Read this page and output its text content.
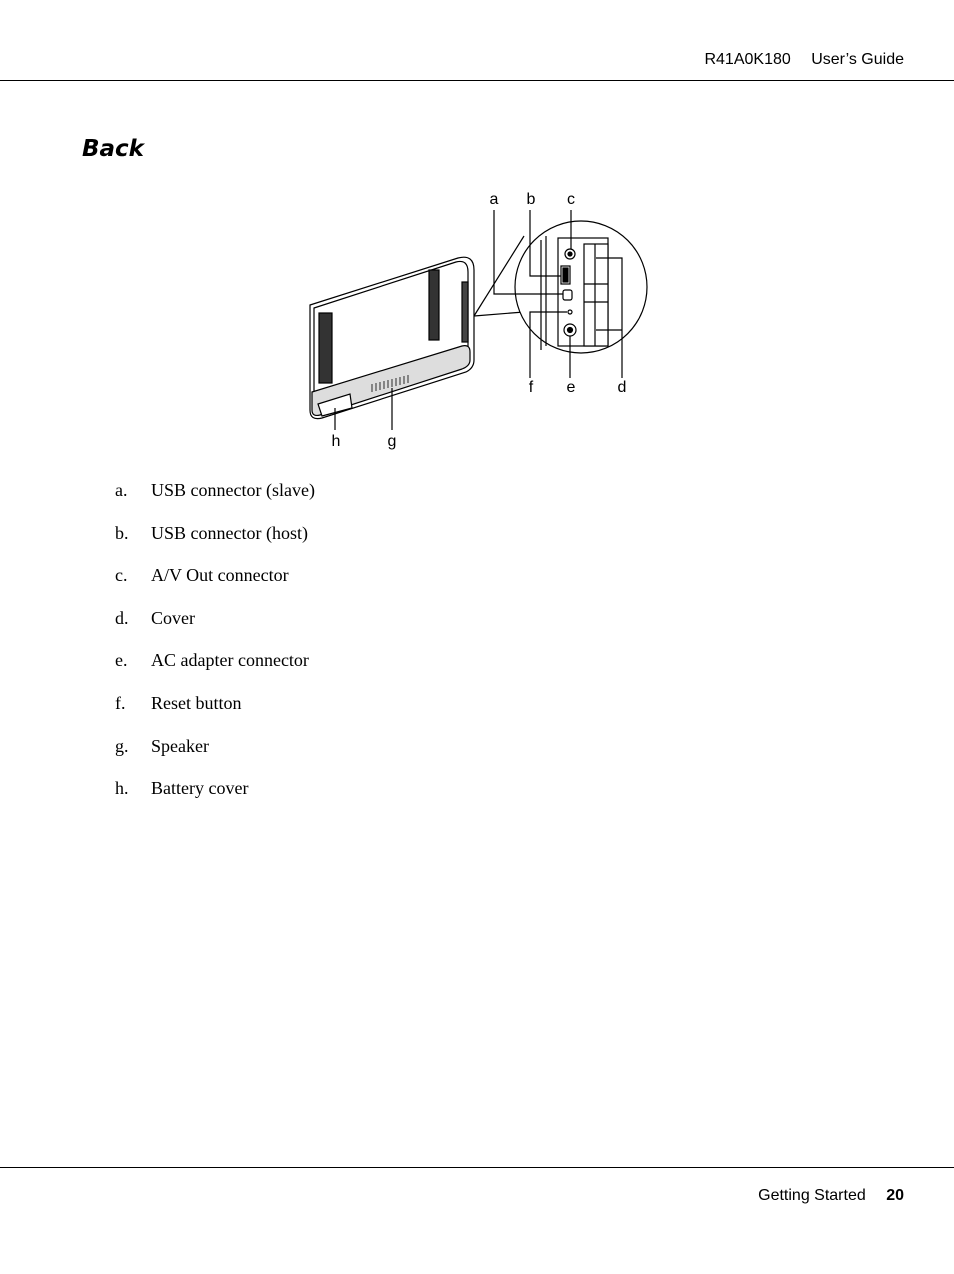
R41A0K180 User’s Guide
Back
a b c
f e	d
h	g
a. USB connector (slave)
b. USB connector (host)
c. A/V Out connector
d. Cover
e. AC adapter connector
f. Reset button
g. Speaker
h. Battery cover
Getting Started 20
